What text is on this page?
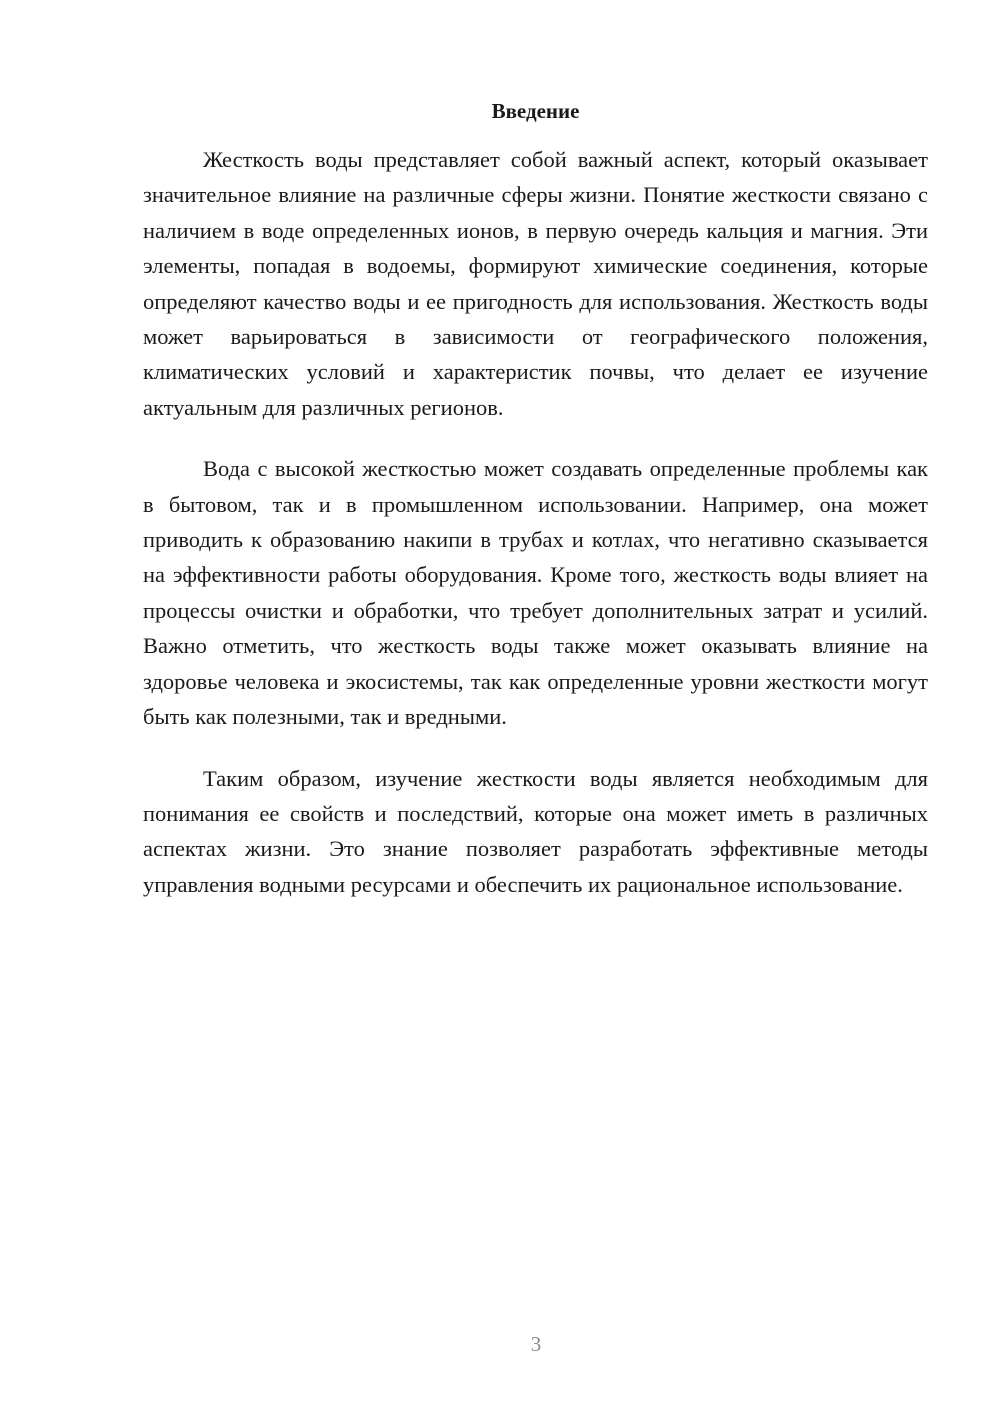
Введение

Жесткость воды представляет собой важный аспект, который оказывает значительное влияние на различные сферы жизни. Понятие жесткости связано с наличием в воде определенных ионов, в первую очередь кальция и магния. Эти элементы, попадая в водоемы, формируют химические соединения, которые определяют качество воды и ее пригодность для использования. Жесткость воды может варьироваться в зависимости от географического положения, климатических условий и характеристик почвы, что делает ее изучение актуальным для различных регионов.

Вода с высокой жесткостью может создавать определенные проблемы как в бытовом, так и в промышленном использовании. Например, она может приводить к образованию накипи в трубах и котлах, что негативно сказывается на эффективности работы оборудования. Кроме того, жесткость воды влияет на процессы очистки и обработки, что требует дополнительных затрат и усилий. Важно отметить, что жесткость воды также может оказывать влияние на здоровье человека и экосистемы, так как определенные уровни жесткости могут быть как полезными, так и вредными.

Таким образом, изучение жесткости воды является необходимым для понимания ее свойств и последствий, которые она может иметь в различных аспектах жизни. Это знание позволяет разработать эффективные методы управления водными ресурсами и обеспечить их рациональное использование.

3
